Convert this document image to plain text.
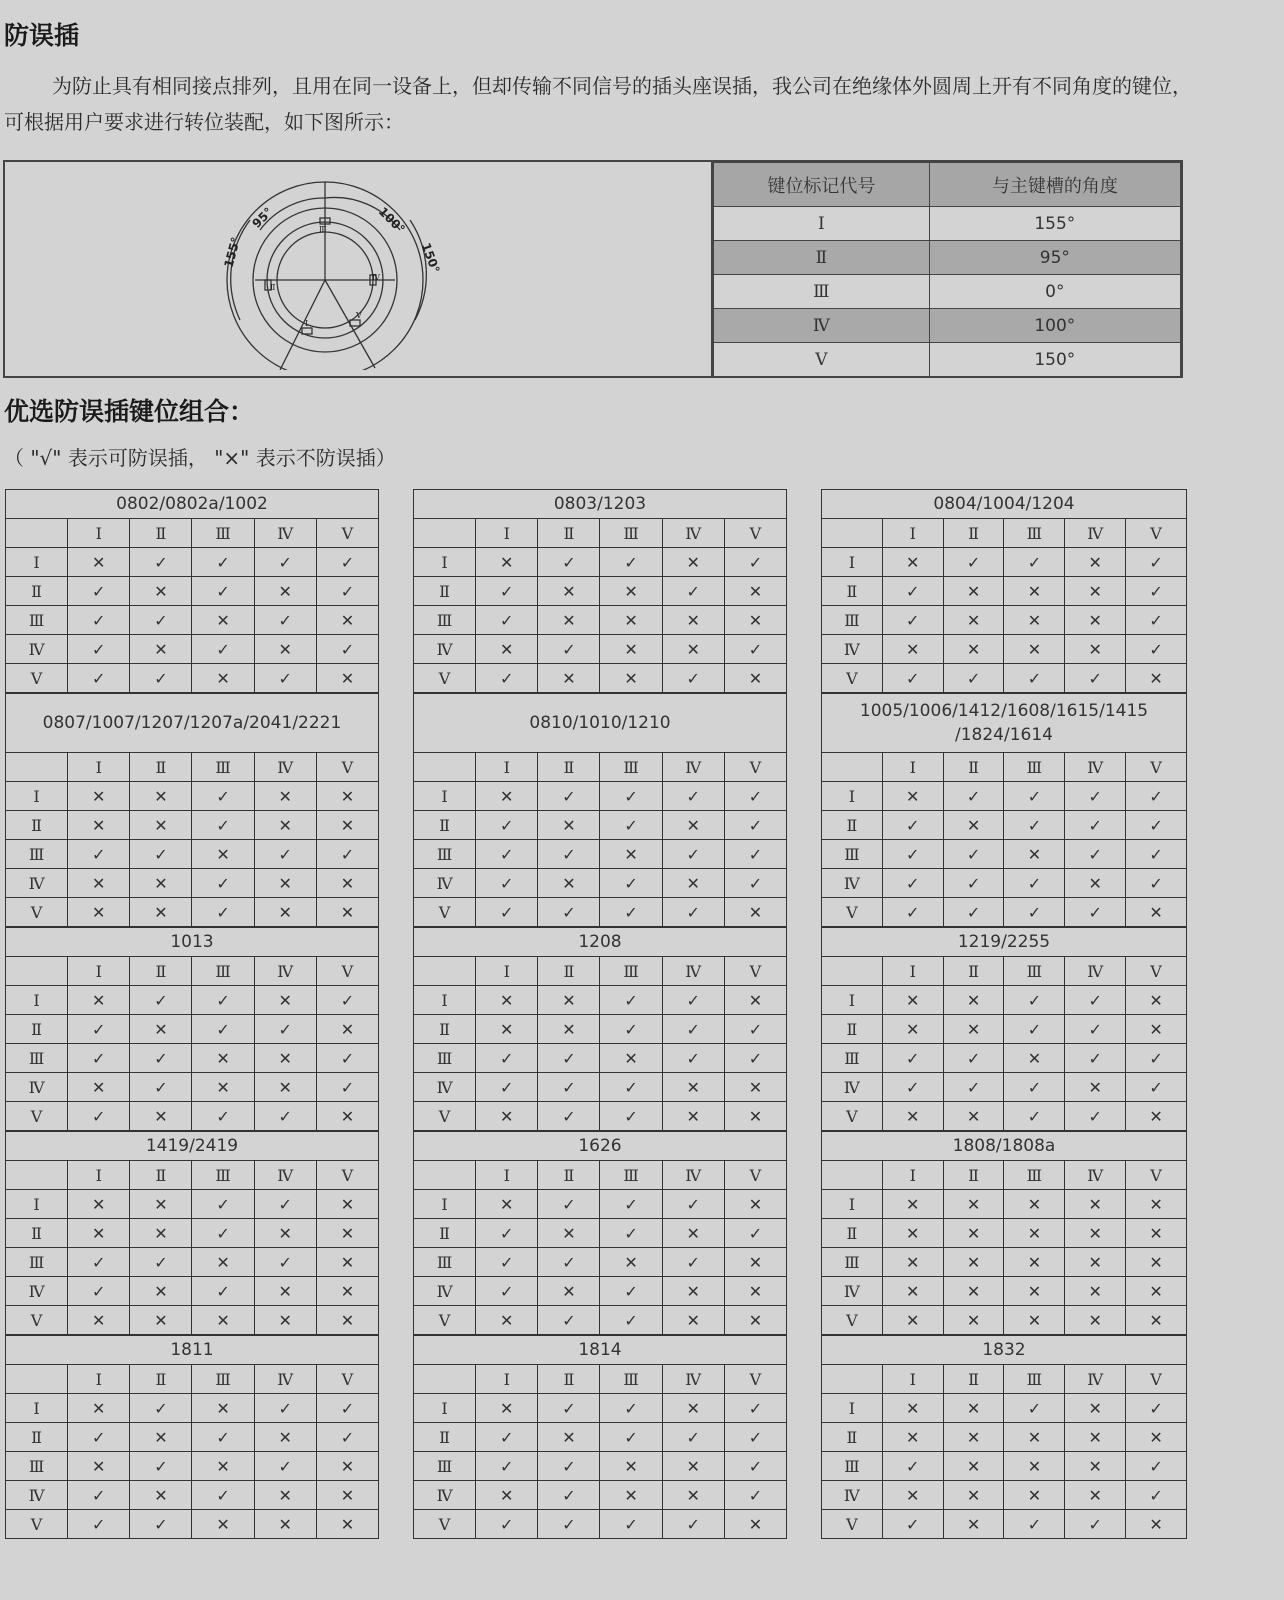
防误插
为防止具有相同接点排列，且用在同一设备上，但却传输不同信号的插头座误插，我公司在绝缘体外圆周上开有不同角度的键位，可根据用户要求进行转位装配，如下图所示：
155°
95°	100°
150°
Ⅲ
Ⅱ
Ⅳ
Ⅰ
Ⅴ
键位标记代号	与主键槽的角度
Ⅰ	155°
Ⅱ	95°
Ⅲ	0°
Ⅳ	100°
Ⅴ	150°
优选防误插键位组合：
（ "√" 表示可防误插， "×" 表示不防误插）
0802/0802a/1002					
	Ⅰ	Ⅱ	Ⅲ	Ⅳ	Ⅴ
Ⅰ	✕	✓	✓	✓	✓
Ⅱ	✓	✕	✓	✕	✓
Ⅲ	✓	✓	✕	✓	✕
Ⅳ	✓	✕	✓	✕	✓
Ⅴ	✓	✓	✕	✓	✕
0807/1007/1207/1207a/2041/2221					
	Ⅰ	Ⅱ	Ⅲ	Ⅳ	Ⅴ
Ⅰ	✕	✕	✓	✕	✕
Ⅱ	✕	✕	✓	✕	✕
Ⅲ	✓	✓	✕	✓	✓
Ⅳ	✕	✕	✓	✕	✕
Ⅴ	✕	✕	✓	✕	✕
1013					
	Ⅰ	Ⅱ	Ⅲ	Ⅳ	Ⅴ
Ⅰ	✕	✓	✓	✕	✓
Ⅱ	✓	✕	✓	✓	✕
Ⅲ	✓	✓	✕	✕	✓
Ⅳ	✕	✓	✕	✕	✓
Ⅴ	✓	✕	✓	✓	✕
1419/2419					
	Ⅰ	Ⅱ	Ⅲ	Ⅳ	Ⅴ
Ⅰ	✕	✕	✓	✓	✕
Ⅱ	✕	✕	✓	✕	✕
Ⅲ	✓	✓	✕	✓	✕
Ⅳ	✓	✕	✓	✕	✕
Ⅴ	✕	✕	✕	✕	✕
1811					
	Ⅰ	Ⅱ	Ⅲ	Ⅳ	Ⅴ
Ⅰ	✕	✓	✕	✓	✓
Ⅱ	✓	✕	✓	✕	✓
Ⅲ	✕	✓	✕	✓	✕
Ⅳ	✓	✕	✓	✕	✕
Ⅴ	✓	✓	✕	✕	✕
0803/1203					
	Ⅰ	Ⅱ	Ⅲ	Ⅳ	Ⅴ
Ⅰ	✕	✓	✓	✕	✓
Ⅱ	✓	✕	✕	✓	✕
Ⅲ	✓	✕	✕	✕	✕
Ⅳ	✕	✓	✕	✕	✓
Ⅴ	✓	✕	✕	✓	✕
0810/1010/1210					
	Ⅰ	Ⅱ	Ⅲ	Ⅳ	Ⅴ
Ⅰ	✕	✓	✓	✓	✓
Ⅱ	✓	✕	✓	✕	✓
Ⅲ	✓	✓	✕	✓	✓
Ⅳ	✓	✕	✓	✕	✓
Ⅴ	✓	✓	✓	✓	✕
1208					
	Ⅰ	Ⅱ	Ⅲ	Ⅳ	Ⅴ
Ⅰ	✕	✕	✓	✓	✕
Ⅱ	✕	✕	✓	✓	✓
Ⅲ	✓	✓	✕	✓	✓
Ⅳ	✓	✓	✓	✕	✕
Ⅴ	✕	✓	✓	✕	✕
1626					
	Ⅰ	Ⅱ	Ⅲ	Ⅳ	Ⅴ
Ⅰ	✕	✓	✓	✓	✕
Ⅱ	✓	✕	✓	✕	✓
Ⅲ	✓	✓	✕	✓	✕
Ⅳ	✓	✕	✓	✕	✕
Ⅴ	✕	✓	✓	✕	✕
1814					
	Ⅰ	Ⅱ	Ⅲ	Ⅳ	Ⅴ
Ⅰ	✕	✓	✓	✕	✓
Ⅱ	✓	✕	✓	✓	✓
Ⅲ	✓	✓	✕	✕	✓
Ⅳ	✕	✓	✕	✕	✓
Ⅴ	✓	✓	✓	✓	✕
0804/1004/1204					
	Ⅰ	Ⅱ	Ⅲ	Ⅳ	Ⅴ
Ⅰ	✕	✓	✓	✕	✓
Ⅱ	✓	✕	✕	✕	✓
Ⅲ	✓	✕	✕	✕	✓
Ⅳ	✕	✕	✕	✕	✓
Ⅴ	✓	✓	✓	✓	✕
1005/1006/1412/1608/1615/1415 /1824/1614					
	Ⅰ	Ⅱ	Ⅲ	Ⅳ	Ⅴ
Ⅰ	✕	✓	✓	✓	✓
Ⅱ	✓	✕	✓	✓	✓
Ⅲ	✓	✓	✕	✓	✓
Ⅳ	✓	✓	✓	✕	✓
Ⅴ	✓	✓	✓	✓	✕
1219/2255					
	Ⅰ	Ⅱ	Ⅲ	Ⅳ	Ⅴ
Ⅰ	✕	✕	✓	✓	✕
Ⅱ	✕	✕	✓	✓	✕
Ⅲ	✓	✓	✕	✓	✓
Ⅳ	✓	✓	✓	✕	✓
Ⅴ	✕	✕	✓	✓	✕
1808/1808a					
	Ⅰ	Ⅱ	Ⅲ	Ⅳ	Ⅴ
Ⅰ	✕	✕	✕	✕	✕
Ⅱ	✕	✕	✕	✕	✕
Ⅲ	✕	✕	✕	✕	✕
Ⅳ	✕	✕	✕	✕	✕
Ⅴ	✕	✕	✕	✕	✕
1832					
	Ⅰ	Ⅱ	Ⅲ	Ⅳ	Ⅴ
Ⅰ	✕	✕	✓	✕	✓
Ⅱ	✕	✕	✕	✕	✕
Ⅲ	✓	✕	✕	✕	✓
Ⅳ	✕	✕	✕	✕	✓
Ⅴ	✓	✕	✓	✓	✕
